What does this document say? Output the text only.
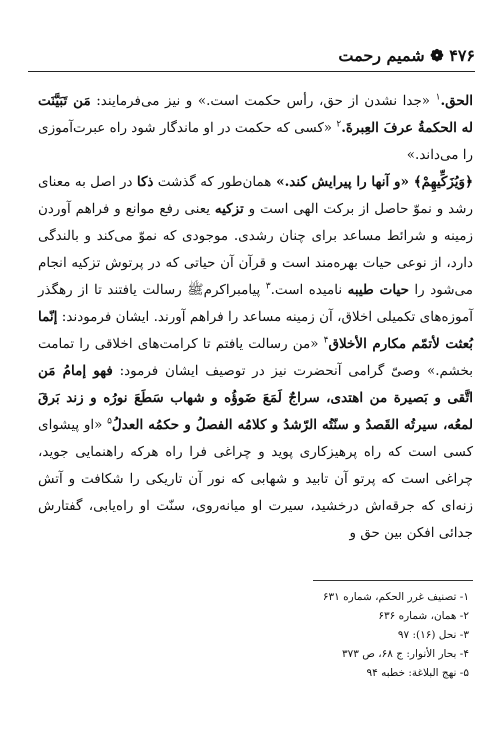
۴۷۶ ❁ شمیم رحمت

الحق.$^۱$ «جدا نشدن از حق، رأس حکمت است.» و نیز می‌فرمایند: مَن تَبَيَّنَت له الحكمةُ عرفَ العِبرةَ.$^۲$ «کسی که حکمت در او ماندگار شود راه عبرت‌آموزی را می‌داند.»

﴿وَيُزَكِّيهِمْ﴾ «و آنها را پیرایش کند.» همان‌طور که گذشت ذکا در اصل به معنای رشد و نموّ حاصل از برکت الهی است و تزکیه یعنی رفع موانع و فراهم آوردن زمینه و شرائط مساعد برای چنان رشدی. موجودی که نموّ می‌کند و بالندگی دارد، از نوعی حیات بهره‌مند است و قرآن آن حیاتی که در پرتوش تزکیه انجام می‌شود را حیات طیبه نامیده است.$^۳$ پیامبراکرمﷺ رسالت یافتند تا از رهگذر آموزه‌های تکمیلی اخلاق، آن زمینه مساعد را فراهم آورند. ایشان فرمودند: إنّما بُعثت لأتمّم مكارم الأخلاق$^۴$ «من رسالت یافتم تا کرامت‌های اخلاقی را تمامت بخشم.» وصیّ گرامی آنحضرت نیز در توصیف ایشان فرمود: فهو إمامُ مَن اتَّقى و بَصيرة من اهتدى، سراجٌ لَمَعَ ضَوؤُه و شهاب سَطَعَ نورُه و زند بَرقَ لمعُه، سيرتُه القَصدُ و سنّتُه الرّشدُ و كلامُه الفصلُ و حكمُه العدلُ$^۵$ «او پیشوای کسی است که راه پرهیزکاری پوید و چراغی فرا راه هرکه راهنمایی جوید، چراغی است که پرتو آن تابید و شهابی که نور آن تاریکی را شکافت و آتش زنه‌ای که جرقه‌اش درخشید، سیرت او میانه‌روی، سنّت او راه‌یابی، گفتارش جدائی افکن بین حق و

۱- تصنیف غرر الحکم، شماره ۶۳۱
۲- همان، شماره ۶۳۶
۳- نحل (۱۶): ۹۷
۴- بحار الأنوار: ج ۶۸، ص ۳۷۳
۵- نهج البلاغة: خطبه ۹۴
